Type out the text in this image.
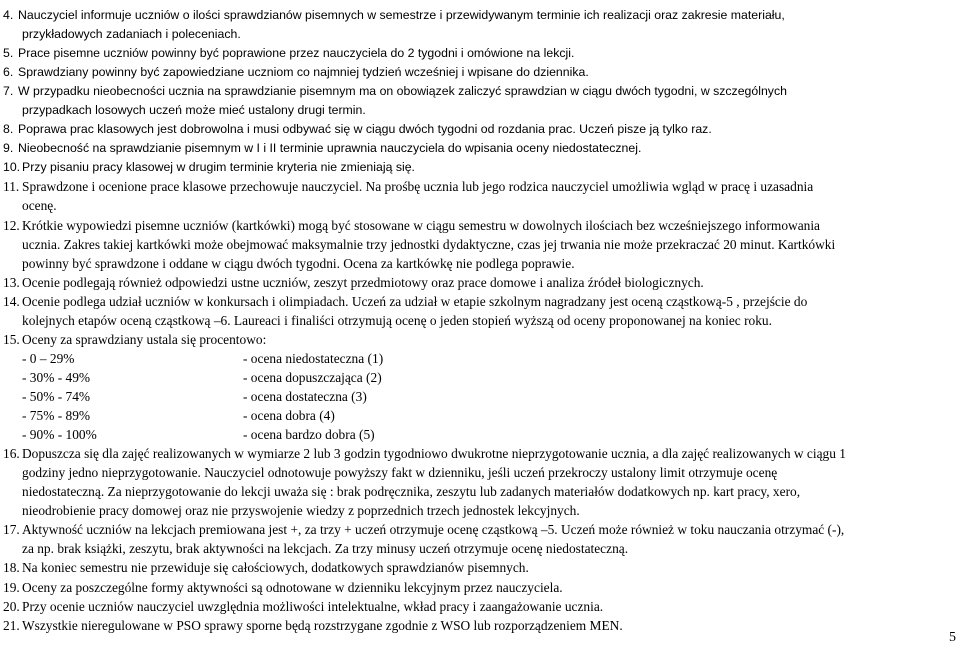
4. Nauczyciel informuje uczniów o ilości sprawdzianów pisemnych w semestrze i przewidywanym terminie ich realizacji oraz zakresie materiału,
przykładowych zadaniach i poleceniach.
5. Prace pisemne uczniów powinny być poprawione przez nauczyciela do 2 tygodni i omówione na lekcji.
6. Sprawdziany powinny być zapowiedziane uczniom co najmniej tydzień wcześniej i wpisane do dziennika.
7. W przypadku nieobecności ucznia na sprawdzianie pisemnym ma on obowiązek zaliczyć sprawdzian w ciągu dwóch tygodni, w szczególnych
przypadkach losowych uczeń może mieć ustalony drugi termin.
8. Poprawa prac klasowych jest dobrowolna i musi odbywać się w ciągu dwóch tygodni od rozdania prac. Uczeń pisze ją tylko raz.
9. Nieobecność na sprawdzianie pisemnym w I i II terminie uprawnia nauczyciela do wpisania oceny niedostatecznej.
10. Przy pisaniu pracy klasowej w drugim terminie kryteria nie zmieniają się.
11. Sprawdzone i ocenione prace klasowe przechowuje nauczyciel. Na prośbę ucznia lub jego rodzica nauczyciel umożliwia wgląd w pracę i uzasadnia
ocenę.
12. Krótkie wypowiedzi pisemne uczniów (kartkówki) mogą być stosowane w ciągu semestru w dowolnych ilościach bez wcześniejszego informowania
ucznia. Zakres takiej kartkówki może obejmować maksymalnie trzy jednostki dydaktyczne, czas jej trwania nie może przekraczać 20 minut. Kartkówki
powinny być sprawdzone i oddane w ciągu dwóch tygodni. Ocena za kartkówkę nie podlega poprawie.
13. Ocenie podlegają również odpowiedzi ustne uczniów, zeszyt przedmiotowy oraz prace domowe i analiza źródeł biologicznych.
14. Ocenie podlega udział uczniów w konkursach i olimpiadach. Uczeń za udział w etapie szkolnym nagradzany jest oceną cząstkową-5 , przejście do
kolejnych etapów oceną cząstkową –6. Laureaci i finaliści otrzymują ocenę o jeden stopień wyższą od oceny proponowanej na koniec roku.
15. Oceny za sprawdziany ustala się procentowo:
- 0 – 29%	- ocena niedostateczna (1)
- 30% - 49%	- ocena dopuszczająca (2)
- 50% - 74%	- ocena dostateczna (3)
- 75% - 89%	- ocena dobra (4)
- 90% - 100%	- ocena bardzo dobra (5)
16. Dopuszcza się dla zajęć realizowanych w wymiarze 2 lub 3 godzin tygodniowo dwukrotne nieprzygotowanie ucznia, a dla zajęć realizowanych w ciągu 1
godziny jedno nieprzygotowanie. Nauczyciel odnotowuje powyższy fakt w dzienniku, jeśli uczeń przekroczy ustalony limit otrzymuje ocenę
niedostateczną. Za nieprzygotowanie do lekcji uważa się : brak podręcznika, zeszytu lub zadanych materiałów dodatkowych np. kart pracy, xero,
nieodrobienie pracy domowej oraz nie przyswojenie wiedzy z poprzednich trzech jednostek lekcyjnych.
17. Aktywność uczniów na lekcjach premiowana jest +, za trzy + uczeń otrzymuje ocenę cząstkową –5. Uczeń może również w toku nauczania otrzymać (-),
za np. brak książki, zeszytu, brak aktywności na lekcjach. Za trzy minusy uczeń otrzymuje ocenę niedostateczną.
18. Na koniec semestru nie przewiduje się całościowych, dodatkowych sprawdzianów pisemnych.
19. Oceny za poszczególne formy aktywności są odnotowane w dzienniku lekcyjnym przez nauczyciela.
20. Przy ocenie uczniów nauczyciel uwzględnia możliwości intelektualne, wkład pracy i zaangażowanie ucznia.
21. Wszystkie nieregulowane w PSO sprawy sporne będą rozstrzygane zgodnie z WSO lub rozporządzeniem MEN.
5
